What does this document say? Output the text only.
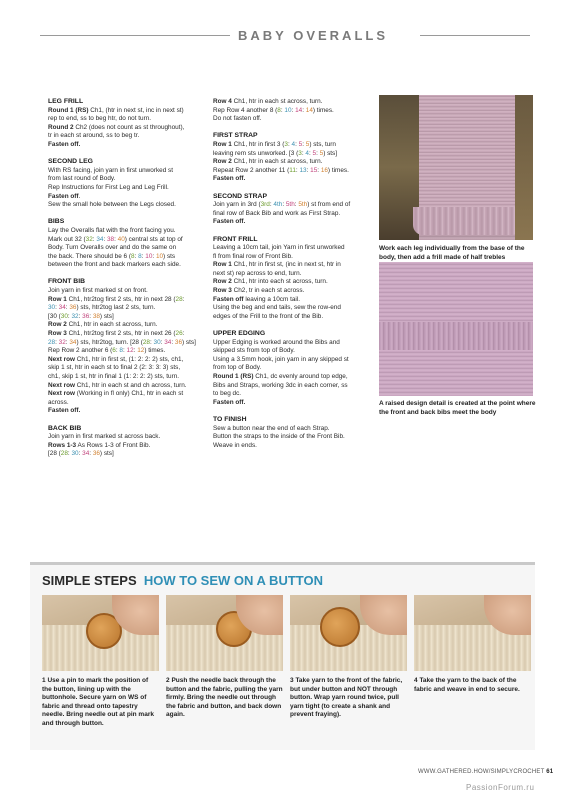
BABY OVERALLS
LEG FRILL

Round 1 (RS) Ch1, (htr in next st, inc in next st)

rep to end, ss to beg htr, do not turn.

Round 2 Ch2 (does not count as st throughout),

tr in each st around, ss to beg tr.

Fasten off.

SECOND LEG

With RS facing, join yarn in first unworked st

from last round of Body.

Rep Instructions for First Leg and Leg Frill.

Fasten off.

Sew the small hole between the Legs closed.

BIBS

Lay the Overalls flat with the front facing you.

Mark out 32 (32: 34: 38: 40) central sts at top of

Body. Turn Overalls over and do the same on

the back. There should be 6 (8: 8: 10: 10) sts

between the front and back markers each side.

FRONT BIB

Join yarn in first marked st on front.

Row 1 Ch1, htr2tog first 2 sts, htr in next 28 (28:

30: 34: 36) sts, htr2tog last 2 sts, turn.

[30 (30: 32: 36: 38) sts]

Row 2 Ch1, htr in each st across, turn.

Row 3 Ch1, htr2tog first 2 sts, htr in next 26 (26:

28: 32: 34) sts, htr2tog, turn. [28 (28: 30: 34: 36) sts]

Rep Row 2 another 6 (6: 8: 12: 12) times.

Next row Ch1, htr in first st, (1: 2: 2: 2) sts, ch1,

skip 1 st, htr in each st to final 2 (2: 3: 3: 3) sts,

ch1, skip 1 st, htr in final 1 (1: 2: 2: 2) sts, turn.

Next row Ch1, htr in each st and ch across, turn.

Next row (Working in fl only) Ch1, htr in each st

across.

Fasten off.

BACK BIB

Join yarn in first marked st across back.

Rows 1-3 As Rows 1-3 of Front Bib.

[28 (28: 30: 34: 36) sts]

Row 4 Ch1, htr in each st across, turn.

Rep Row 4 another 8 (8: 10: 14: 14) times.

Do not fasten off.

FIRST STRAP

Row 1 Ch1, htr in first 3 (3: 4: 5: 5) sts, turn

leaving rem sts unworked. [3 (3: 4: 5: 5) sts]

Row 2 Ch1, htr in each st across, turn.

Repeat Row 2 another 11 (11: 13: 15: 16) times.

Fasten off.

SECOND STRAP

Join yarn in 3rd (3rd: 4th: 5th: 5th) st from end of

final row of Back Bib and work as First Strap.

Fasten off.

FRONT FRILL

Leaving a 10cm tail, join Yarn in first unworked

fl from final row of Front Bib.

Row 1 Ch1, htr in first st, (inc in next st, htr in

next st) rep across to end, turn.

Row 2 Ch1, htr into each st across, turn.

Row 3 Ch2, tr in each st across.

Fasten off leaving a 10cm tail.

Using the beg and end tails, sew the row-end

edges of the Frill to the front of the Bib.

UPPER EDGING

Upper Edging is worked around the Bibs and

skipped sts from top of Body.

Using a 3.5mm hook, join yarn in any skipped st

from top of Body.

Round 1 (RS) Ch1, dc evenly around top edge,

Bibs and Straps, working 3dc in each corner, ss

to beg dc.

Fasten off.

TO FINISH

Sew a button near the end of each Strap.

Button the straps to the inside of the Front Bib.

Weave in ends.

Work each leg individually from the base of the body, then add a frill made of half trebles
A raised design detail is created at the point where the front and back bibs meet the body
SIMPLE STEPS HOW TO SEW ON A BUTTON
1 Use a pin to mark the position of the button, lining up with the buttonhole. Secure yarn on WS of fabric and thread onto tapestry needle. Bring needle out at pin mark and through button.
2 Push the needle back through the button and the fabric, pulling the yarn firmly. Bring the needle out through the fabric and button, and back down again.
3 Take yarn to the front of the fabric, but under button and NOT through button. Wrap yarn round twice, pull yarn tight (to create a shank and prevent fraying).
4 Take the yarn to the back of the fabric and weave in end to secure.
WWW.GATHERED.HOW/SIMPLYCROCHET 61
PassionForum.ru
